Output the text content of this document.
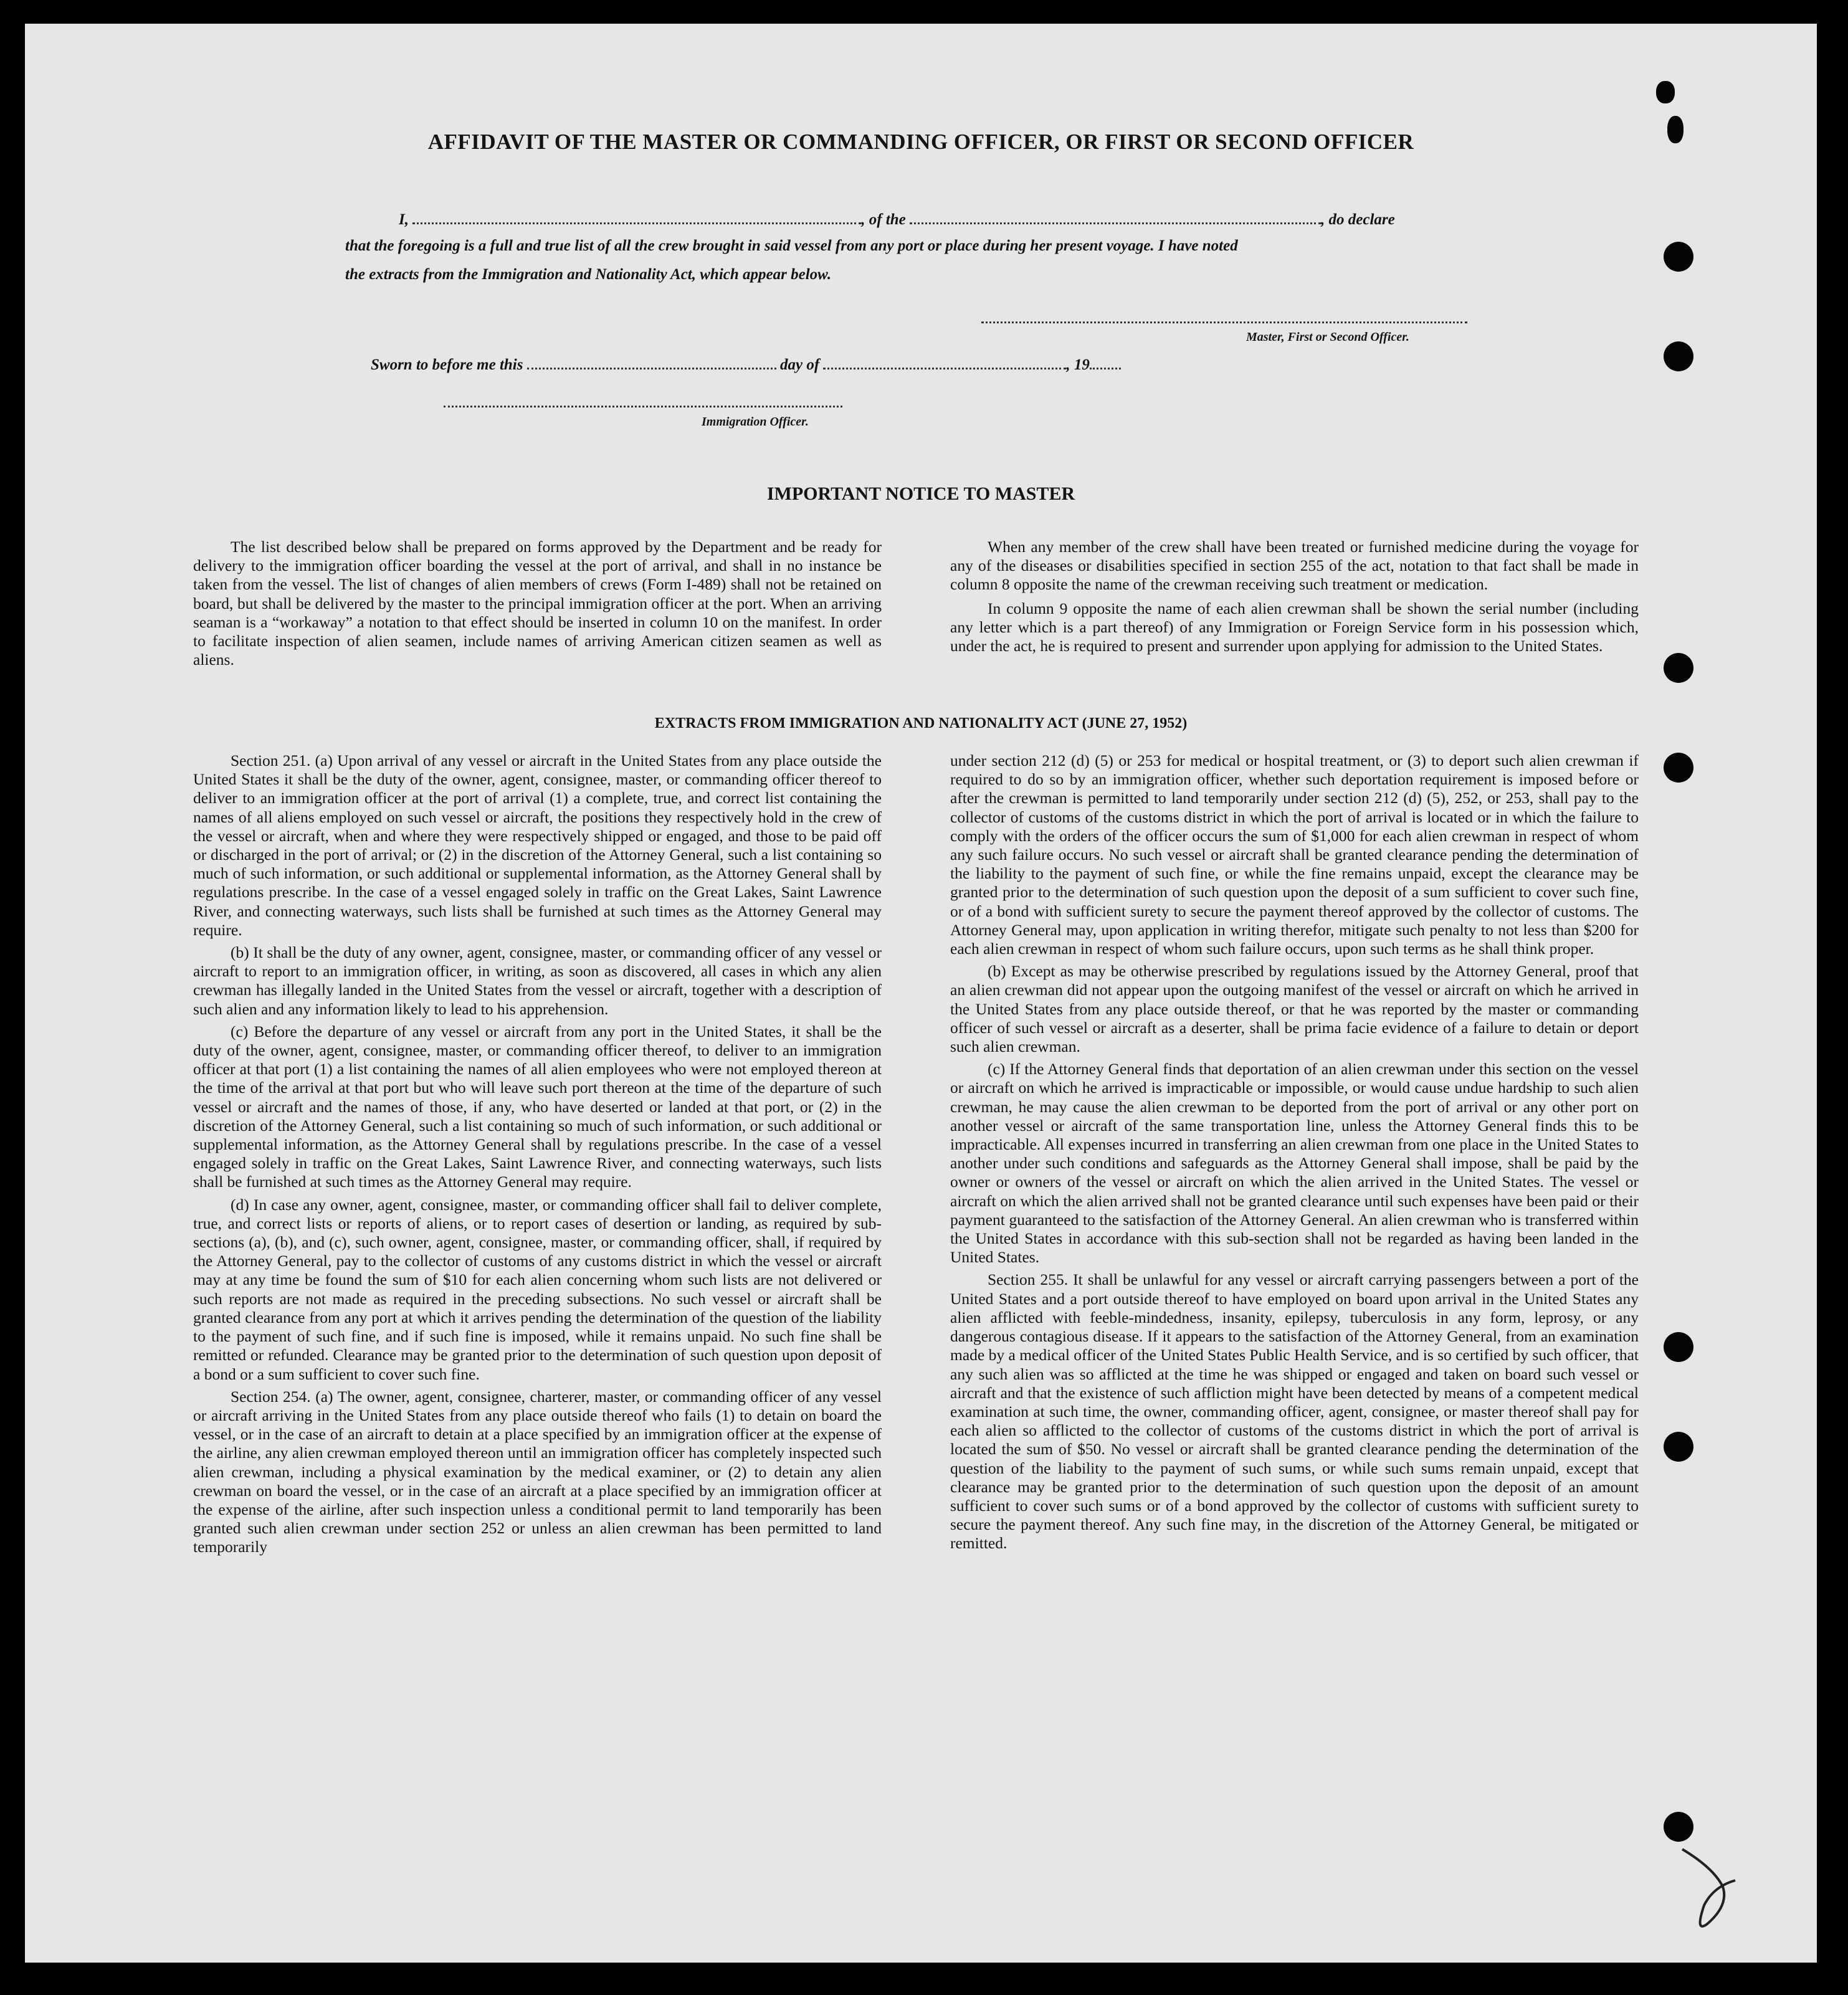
AFFIDAVIT OF THE MASTER OR COMMANDING OFFICER, OR FIRST OR SECOND OFFICER
I,	, of the	, do declare
that the foregoing is a full and true list of all the crew brought in said vessel from any port or place during her present voyage. I have noted
the extracts from the Immigration and Nationality Act, which appear below.
Master, First or Second Officer.
Sworn to before me this	day of	, 19
Immigration Officer.
IMPORTANT NOTICE TO MASTER

The list described below shall be prepared on forms approved by the Department and be ready for delivery to the immigration officer boarding the vessel at the port of arrival, and shall in no instance be taken from the vessel. The list of changes of alien members of crews (Form I-489) shall not be retained on board, but shall be delivered by the master to the principal immigration officer at the port. When an arriving seaman is a “workaway” a notation to that effect should be inserted in column 10 on the manifest. In order to facilitate inspection of alien seamen, include names of arriving American citizen seamen as well as aliens.

When any member of the crew shall have been treated or furnished medicine during the voyage for any of the diseases or disabilities specified in section 255 of the act, notation to that fact shall be made in column 8 opposite the name of the crewman receiving such treatment or medication.

In column 9 opposite the name of each alien crewman shall be shown the serial number (including any letter which is a part thereof) of any Immigration or Foreign Service form in his possession which, under the act, he is required to present and surrender upon applying for admission to the United States.

EXTRACTS FROM IMMIGRATION AND NATIONALITY ACT (JUNE 27, 1952)

Section 251. (a) Upon arrival of any vessel or aircraft in the United States from any place outside the United States it shall be the duty of the owner, agent, consignee, master, or commanding officer thereof to deliver to an immigration officer at the port of arrival (1) a complete, true, and correct list containing the names of all aliens employed on such vessel or aircraft, the positions they respectively hold in the crew of the vessel or aircraft, when and where they were respectively shipped or engaged, and those to be paid off or discharged in the port of arrival; or (2) in the discretion of the Attorney General, such a list containing so much of such information, or such additional or supplemental information, as the Attorney General shall by regulations prescribe. In the case of a vessel engaged solely in traffic on the Great Lakes, Saint Lawrence River, and connecting waterways, such lists shall be furnished at such times as the Attorney General may require.

(b) It shall be the duty of any owner, agent, consignee, master, or commanding officer of any vessel or aircraft to report to an immigration officer, in writing, as soon as discovered, all cases in which any alien crewman has illegally landed in the United States from the vessel or aircraft, together with a description of such alien and any information likely to lead to his apprehension.

(c) Before the departure of any vessel or aircraft from any port in the United States, it shall be the duty of the owner, agent, consignee, master, or commanding officer thereof, to deliver to an immigration officer at that port (1) a list containing the names of all alien employees who were not employed thereon at the time of the arrival at that port but who will leave such port thereon at the time of the departure of such vessel or aircraft and the names of those, if any, who have deserted or landed at that port, or (2) in the discretion of the Attorney General, such a list containing so much of such information, or such additional or supplemental information, as the Attorney General shall by regulations prescribe. In the case of a vessel engaged solely in traffic on the Great Lakes, Saint Lawrence River, and connecting waterways, such lists shall be furnished at such times as the Attorney General may require.

(d) In case any owner, agent, consignee, master, or commanding officer shall fail to deliver complete, true, and correct lists or reports of aliens, or to report cases of desertion or landing, as required by sub-sections (a), (b), and (c), such owner, agent, consignee, master, or commanding officer, shall, if required by the Attorney General, pay to the collector of customs of any customs district in which the vessel or aircraft may at any time be found the sum of $10 for each alien concerning whom such lists are not delivered or such reports are not made as required in the preceding subsections. No such vessel or aircraft shall be granted clearance from any port at which it arrives pending the determination of the question of the liability to the payment of such fine, and if such fine is imposed, while it remains unpaid. No such fine shall be remitted or refunded. Clearance may be granted prior to the determination of such question upon deposit of a bond or a sum sufficient to cover such fine.

Section 254. (a) The owner, agent, consignee, charterer, master, or commanding officer of any vessel or aircraft arriving in the United States from any place outside thereof who fails (1) to detain on board the vessel, or in the case of an aircraft to detain at a place specified by an immigration officer at the expense of the airline, any alien crewman employed thereon until an immigration officer has completely inspected such alien crewman, including a physical examination by the medical examiner, or (2) to detain any alien crewman on board the vessel, or in the case of an aircraft at a place specified by an immigration officer at the expense of the airline, after such inspection unless a conditional permit to land temporarily has been granted such alien crewman under section 252 or unless an alien crewman has been permitted to land temporarily

under section 212 (d) (5) or 253 for medical or hospital treatment, or (3) to deport such alien crewman if required to do so by an immigration officer, whether such deportation requirement is imposed before or after the crewman is permitted to land temporarily under section 212 (d) (5), 252, or 253, shall pay to the collector of customs of the customs district in which the port of arrival is located or in which the failure to comply with the orders of the officer occurs the sum of $1,000 for each alien crewman in respect of whom any such failure occurs. No such vessel or aircraft shall be granted clearance pending the determination of the liability to the payment of such fine, or while the fine remains unpaid, except the clearance may be granted prior to the determination of such question upon the deposit of a sum sufficient to cover such fine, or of a bond with sufficient surety to secure the payment thereof approved by the collector of customs. The Attorney General may, upon application in writing therefor, mitigate such penalty to not less than $200 for each alien crewman in respect of whom such failure occurs, upon such terms as he shall think proper.

(b) Except as may be otherwise prescribed by regulations issued by the Attorney General, proof that an alien crewman did not appear upon the outgoing manifest of the vessel or aircraft on which he arrived in the United States from any place outside thereof, or that he was reported by the master or commanding officer of such vessel or aircraft as a deserter, shall be prima facie evidence of a failure to detain or deport such alien crewman.

(c) If the Attorney General finds that deportation of an alien crewman under this section on the vessel or aircraft on which he arrived is impracticable or impossible, or would cause undue hardship to such alien crewman, he may cause the alien crewman to be deported from the port of arrival or any other port on another vessel or aircraft of the same transportation line, unless the Attorney General finds this to be impracticable. All expenses incurred in transferring an alien crewman from one place in the United States to another under such conditions and safeguards as the Attorney General shall impose, shall be paid by the owner or owners of the vessel or aircraft on which the alien arrived in the United States. The vessel or aircraft on which the alien arrived shall not be granted clearance until such expenses have been paid or their payment guaranteed to the satisfaction of the Attorney General. An alien crewman who is transferred within the United States in accordance with this sub-section shall not be regarded as having been landed in the United States.

Section 255. It shall be unlawful for any vessel or aircraft carrying passengers between a port of the United States and a port outside thereof to have employed on board upon arrival in the United States any alien afflicted with feeble-mindedness, insanity, epilepsy, tuberculosis in any form, leprosy, or any dangerous contagious disease. If it appears to the satisfaction of the Attorney General, from an examination made by a medical officer of the United States Public Health Service, and is so certified by such officer, that any such alien was so afflicted at the time he was shipped or engaged and taken on board such vessel or aircraft and that the existence of such affliction might have been detected by means of a competent medical examination at such time, the owner, commanding officer, agent, consignee, or master thereof shall pay for each alien so afflicted to the collector of customs of the customs district in which the port of arrival is located the sum of $50. No vessel or aircraft shall be granted clearance pending the determination of the question of the liability to the payment of such sums, or while such sums remain unpaid, except that clearance may be granted prior to the determination of such question upon the deposit of an amount sufficient to cover such sums or of a bond approved by the collector of customs with sufficient surety to secure the payment thereof. Any such fine may, in the discretion of the Attorney General, be mitigated or remitted.
